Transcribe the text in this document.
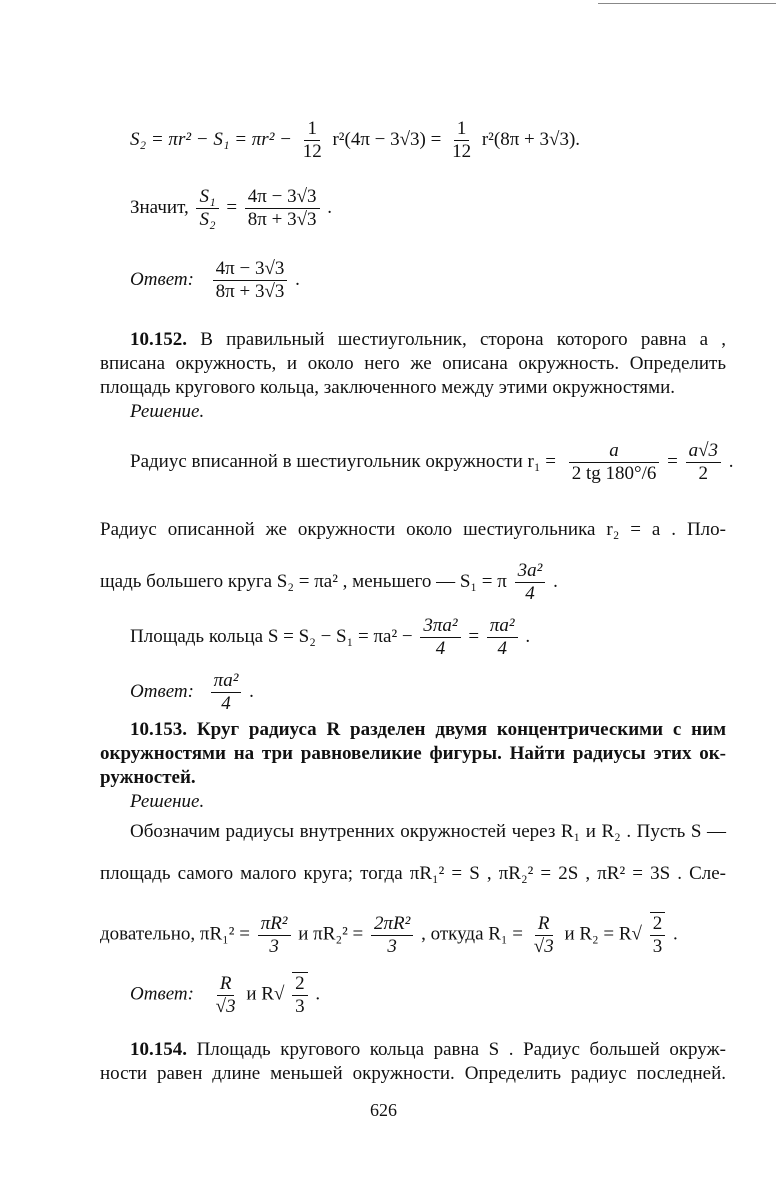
$S_2 = \pi r^2 - S_1 = \pi r^2 - \frac{1}{12} r^2(4\pi - 3√3) = \frac{1}{12} r^2(8\pi + 3√3)$.
Значит, $\frac{\text{S₁}}{\text{S₂}} = \frac{4\pi - 3√3}{8\pi + 3√3}$ .
Ответ: $\frac{4\pi - 3√3}{8\pi + 3√3}$ .
10.152. В правильный шестиугольник, сторона которого равна a ,
вписана окружность, и около него же описана окружность. Определить
площадь кругового кольца, заключенного между этими окружностями.
Решение.
Радиус вписанной в шестиугольник окружности $r_1 = \frac{a}{2 tg 180^\circ/6} = \frac{a√3}{2}$ .
Радиус описанной же окружности около шестиугольника r₂ = a . Пло-
щадь большего круга S₂ = πa² , меньшего — S₁ = π $\frac{\text{3a²}}{4}$ .
Площадь кольца $S = S_2 - S_1 = \pi a^2 - \frac{\text{3πa²}}{4} = \frac{\text{πa²}}{4}$ .
Ответ: $\frac{\text{πa²}}{4}$ .
10.153. Круг радиуса R разделен двумя концентрическими с ним
окружностями на три равновеликие фигуры. Найти радиусы этих ок-
ружностей.
Решение.
Обозначим радиусы внутренних окружностей через R₁ и R₂ . Пусть S —
площадь самого малого круга; тогда πR₁² = S , πR₂² = 2S , πR² = 3S . Сле-
довательно, $\pi R_1^2 = \frac{\text{πR²}}{3}$ и $\pi R_2^2 = \frac{\text{2πR²}}{3}$ , откуда $R_1 = \frac{R}{√3}$ и $R_2 = R√ \frac{2}{3}$ .
Ответ: $\frac{R}{√3}$ и $R√ \frac{2}{3}$ .
10.154. Площадь кругового кольца равна S . Радиус большей окруж-
ности равен длине меньшей окружности. Определить радиус последней.
626
